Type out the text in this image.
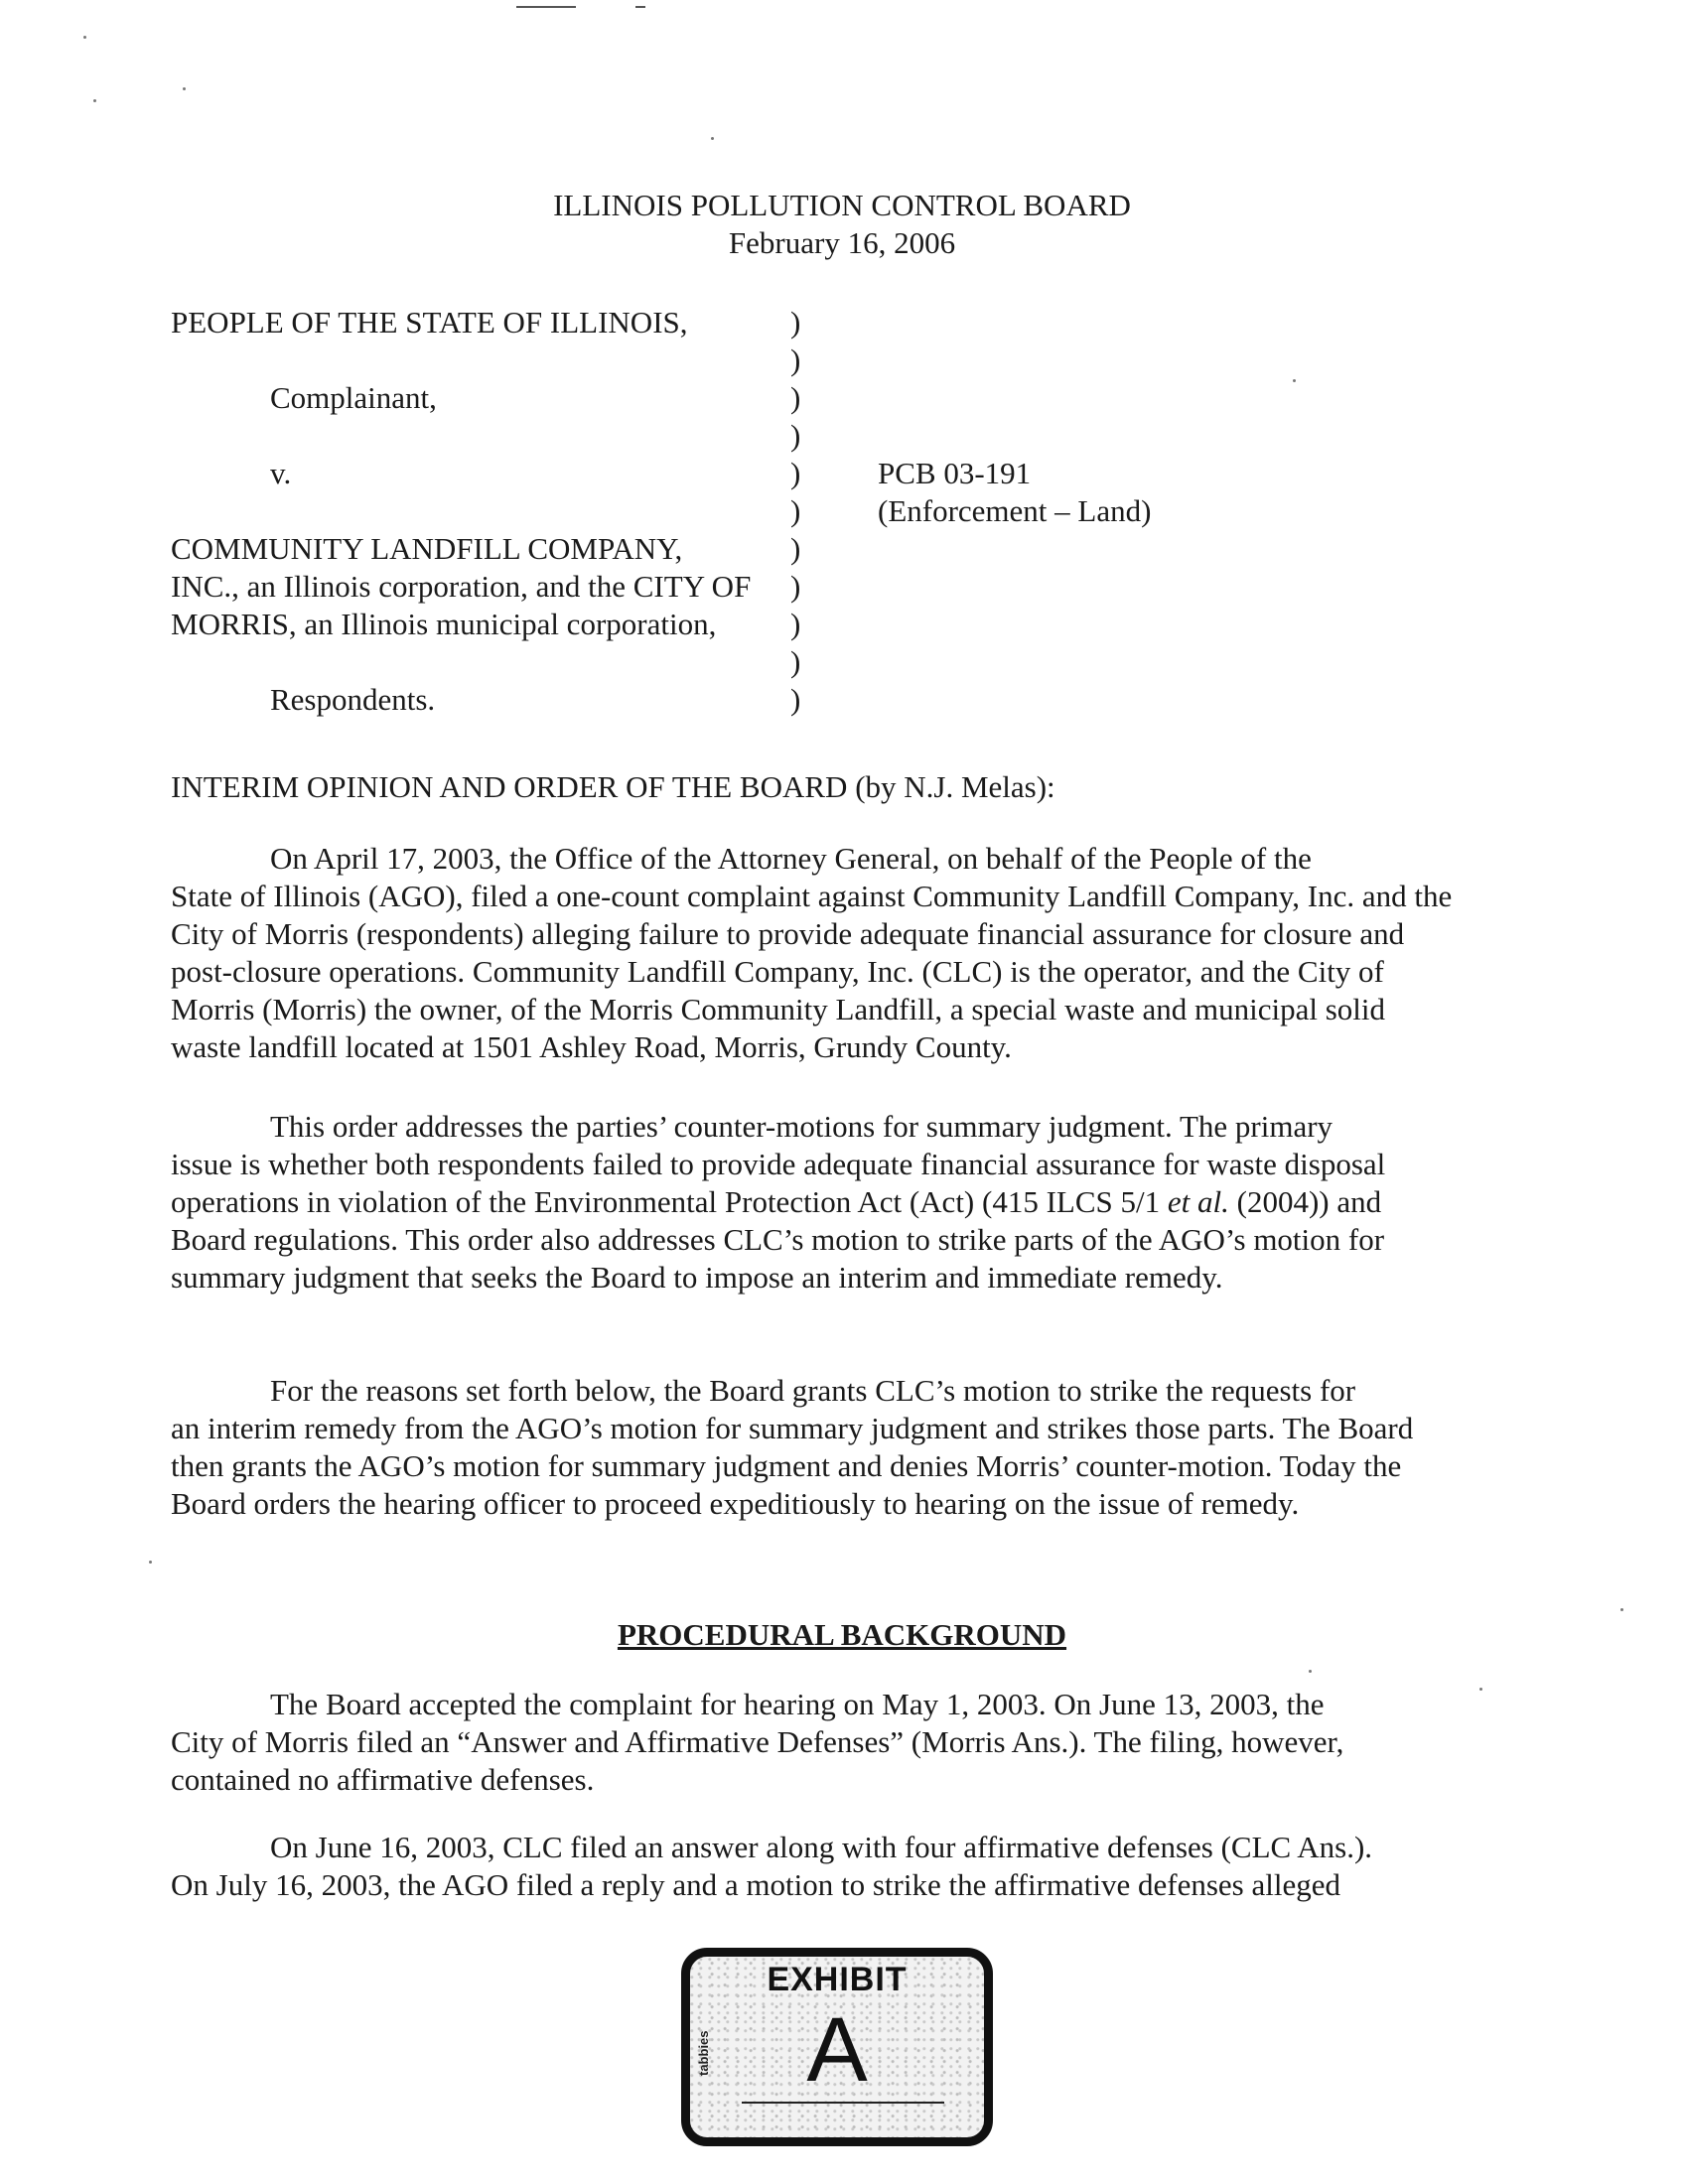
ILLINOIS POLLUTION CONTROL BOARD
February 16, 2006
PEOPLE OF THE STATE OF ILLINOIS,
Complainant,
v.
COMMUNITY LANDFILL COMPANY,
INC., an Illinois corporation, and the CITY OF
MORRIS, an Illinois municipal corporation,
Respondents.
)
)
)
)
)
)
)
)
)
)
)
PCB 03-191
(Enforcement – Land)
INTERIM OPINION AND ORDER OF THE BOARD (by N.J. Melas):

On April 17, 2003, the Office of the Attorney General, on behalf of the People of the
State of Illinois (AGO), filed a one-count complaint against Community Landfill Company, Inc. and the City of Morris (respondents) alleging failure to provide adequate financial assurance for closure and post-closure operations. Community Landfill Company, Inc. (CLC) is the operator, and the City of Morris (Morris) the owner, of the Morris Community Landfill, a special waste and municipal solid waste landfill located at 1501 Ashley Road, Morris, Grundy County.

This order addresses the parties’ counter-motions for summary judgment. The primary
issue is whether both respondents failed to provide adequate financial assurance for waste disposal operations in violation of the Environmental Protection Act (Act) (415 ILCS 5/1 et al. (2004)) and Board regulations. This order also addresses CLC’s motion to strike parts of the AGO’s motion for summary judgment that seeks the Board to impose an interim and immediate remedy.

For the reasons set forth below, the Board grants CLC’s motion to strike the requests for
an interim remedy from the AGO’s motion for summary judgment and strikes those parts. The Board then grants the AGO’s motion for summary judgment and denies Morris’ counter-motion. Today the Board orders the hearing officer to proceed expeditiously to hearing on the issue of remedy.

PROCEDURAL BACKGROUND

The Board accepted the complaint for hearing on May 1, 2003. On June 13, 2003, the
City of Morris filed an “Answer and Affirmative Defenses” (Morris Ans.). The filing, however, contained no affirmative defenses.

On June 16, 2003, CLC filed an answer along with four affirmative defenses (CLC Ans.).
On July 16, 2003, the AGO filed a reply and a motion to strike the affirmative defenses alleged

EXHIBIT
A
tabbies
